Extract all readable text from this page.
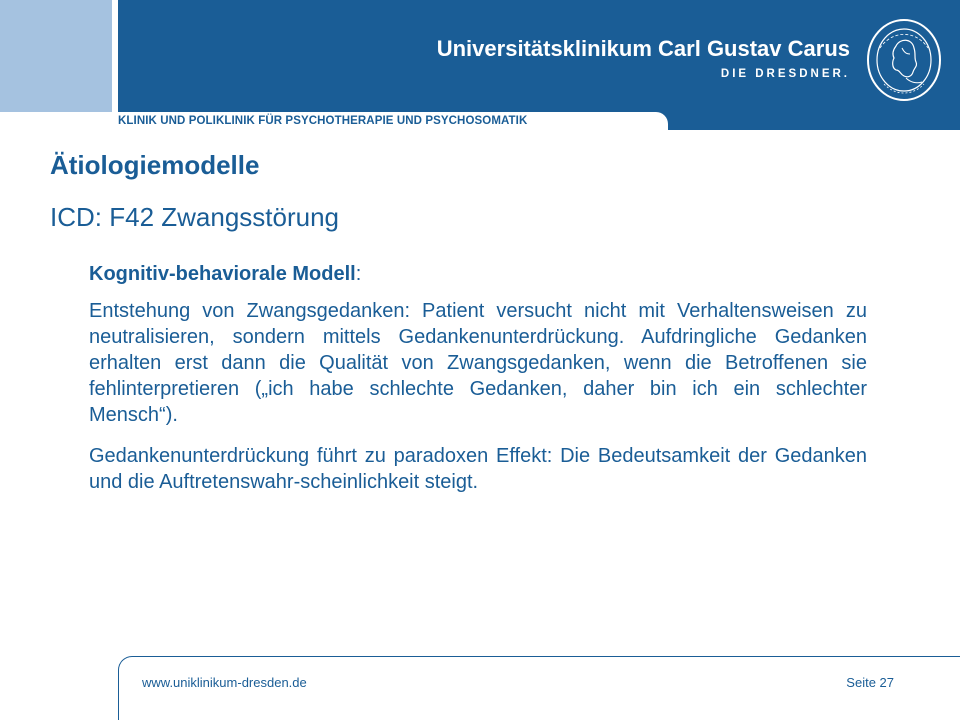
KLINIK UND POLIKLINIK FÜR PSYCHOTHERAPIE UND PSYCHOSOMATIK
Universitätsklinikum Carl Gustav Carus
DIE DRESDNER.
Ätiologiemodelle
ICD: F42 Zwangsstörung

Kognitiv-behaviorale Modell:

Entstehung von Zwangsgedanken: Patient versucht nicht mit Verhaltensweisen zu neutralisieren, sondern mittels Gedankenunterdrückung. Aufdringliche Gedanken erhalten erst dann die Qualität von Zwangsgedanken, wenn die Betroffenen sie fehlinterpretieren („ich habe schlechte Gedanken, daher bin ich ein schlechter Mensch“).

Gedankenunterdrückung führt zu paradoxen Effekt: Die Bedeutsamkeit der Gedanken und die Auftretenswahr-scheinlichkeit steigt.

www.uniklinikum-dresden.de	Seite 27
